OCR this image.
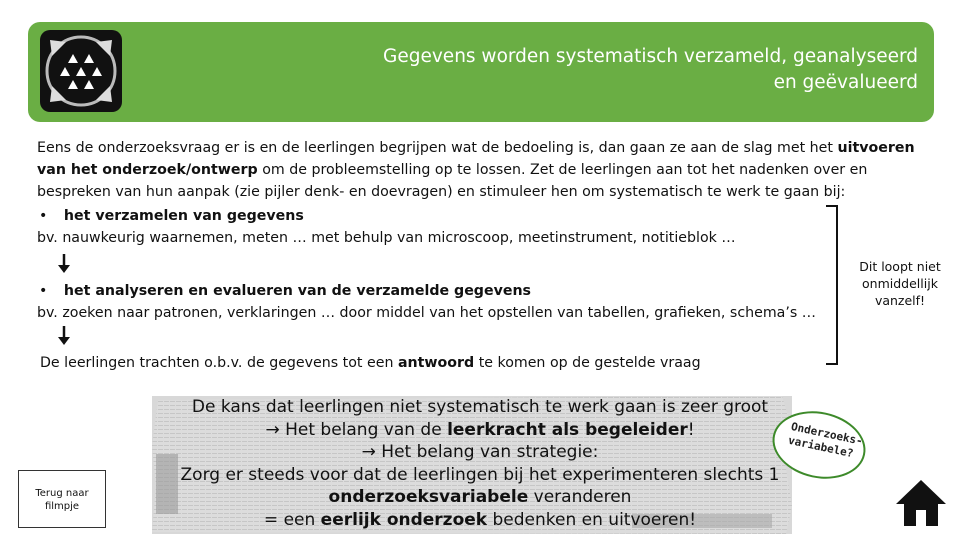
Gegevens worden systematisch verzameld, geanalyseerd
en geëvalueerd
Eens de onderzoeksvraag er is en de leerlingen begrijpen wat de bedoeling is, dan gaan ze aan de slag met het uitvoeren van het onderzoek/ontwerp om de probleemstelling op te lossen. Zet de leerlingen aan tot het nadenken over en bespreken van hun aanpak (zie pijler denk- en doevragen) en stimuleer hen om systematisch te werk te gaan bij:
• het verzamelen van gegevens
bv. nauwkeurig waarnemen, meten … met behulp van microscoop, meetinstrument, notitieblok …
• het analyseren en evalueren van de verzamelde gegevens
bv. zoeken naar patronen, verklaringen … door middel van het opstellen van tabellen, grafieken, schema’s …
Dit loopt niet
onmiddellijk
vanzelf!
De leerlingen trachten o.b.v. de gegevens tot een antwoord te komen op de gestelde vraag
De kans dat leerlingen niet systematisch te werk gaan is zeer groot
→ Het belang van de leerkracht als begeleider!
→ Het belang van strategie:
Zorg er steeds voor dat de leerlingen bij het experimenteren slechts 1
onderzoeksvariabele veranderen
= een eerlijk onderzoek bedenken en uitvoeren!
Onderzoeks-variabele?
Terug naar
filmpje
